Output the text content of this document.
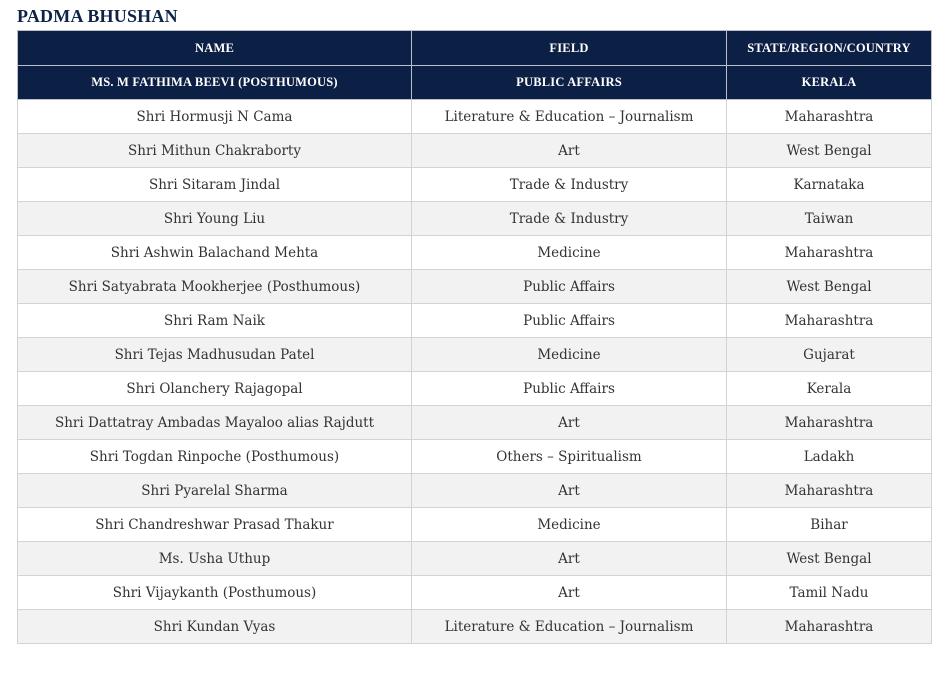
PADMA BHUSHAN
NAME	FIELD	STATE/REGION/COUNTRY
MS. M FATHIMA BEEVI (POSTHUMOUS)	PUBLIC AFFAIRS	KERALA
Shri Hormusji N Cama	Literature & Education – Journalism	Maharashtra
Shri Mithun Chakraborty	Art	West Bengal
Shri Sitaram Jindal	Trade & Industry	Karnataka
Shri Young Liu	Trade & Industry	Taiwan
Shri Ashwin Balachand Mehta	Medicine	Maharashtra
Shri Satyabrata Mookherjee (Posthumous)	Public Affairs	West Bengal
Shri Ram Naik	Public Affairs	Maharashtra
Shri Tejas Madhusudan Patel	Medicine	Gujarat
Shri Olanchery Rajagopal	Public Affairs	Kerala
Shri Dattatray Ambadas Mayaloo alias Rajdutt	Art	Maharashtra
Shri Togdan Rinpoche (Posthumous)	Others – Spiritualism	Ladakh
Shri Pyarelal Sharma	Art	Maharashtra
Shri Chandreshwar Prasad Thakur	Medicine	Bihar
Ms. Usha Uthup	Art	West Bengal
Shri Vijaykanth (Posthumous)	Art	Tamil Nadu
Shri Kundan Vyas	Literature & Education – Journalism	Maharashtra
